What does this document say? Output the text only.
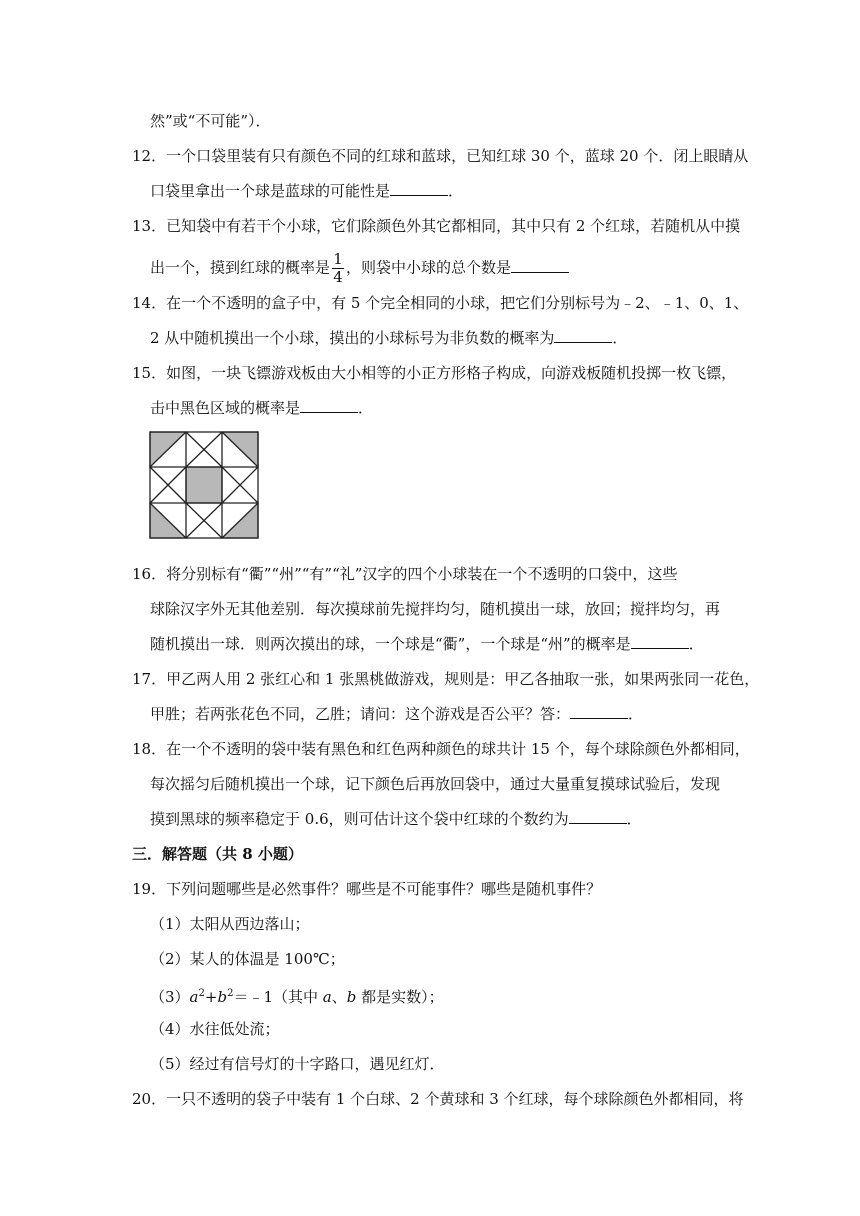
然”或“不可能”）．
12．一个口袋里装有只有颜色不同的红球和蓝球，已知红球 30 个，蓝球 20 个．闭上眼睛从
口袋里拿出一个球是蓝球的可能性是	．
13．已知袋中有若干个小球，它们除颜色外其它都相同，其中只有 2 个红球，若随机从中摸
出一个，摸到红球的概率是 $\frac{1}{4}$ ，则袋中小球的总个数是
14．在一个不透明的盒子中，有 5 个完全相同的小球，把它们分别标号为﹣2、﹣1、0、1、
2 从中随机摸出一个小球，摸出的小球标号为非负数的概率为	．
15．如图，一块飞镖游戏板由大小相等的小正方形格子构成，向游戏板随机投掷一枚飞镖，
击中黑色区域的概率是	．
16．将分别标有“衢”“州”“有”“礼”汉字的四个小球装在一个不透明的口袋中，这些
球除汉字外无其他差别．每次摸球前先搅拌均匀，随机摸出一球，放回；搅拌均匀，再
随机摸出一球．则两次摸出的球，一个球是“衢”，一个球是“州”的概率是	．
17．甲乙两人用 2 张红心和 1 张黑桃做游戏，规则是：甲乙各抽取一张，如果两张同一花色，
甲胜；若两张花色不同，乙胜；请问：这个游戏是否公平？答：	．
18．在一个不透明的袋中装有黑色和红色两种颜色的球共计 15 个，每个球除颜色外都相同，
每次摇匀后随机摸出一个球，记下颜色后再放回袋中，通过大量重复摸球试验后，发现
摸到黑球的频率稳定于 0.6，则可估计这个袋中红球的个数约为	．
三．解答题（共 8 小题）
19．下列问题哪些是必然事件？哪些是不可能事件？哪些是随机事件？
（1）太阳从西边落山；
（2）某人的体温是 100℃；
$(3)a^2+b^2=﹣1$（其中 a、b 都是实数）；
（4）水往低处流；
（5）经过有信号灯的十字路口，遇见红灯．
20．一只不透明的袋子中装有 1 个白球、2 个黄球和 3 个红球，每个球除颜色外都相同，将
